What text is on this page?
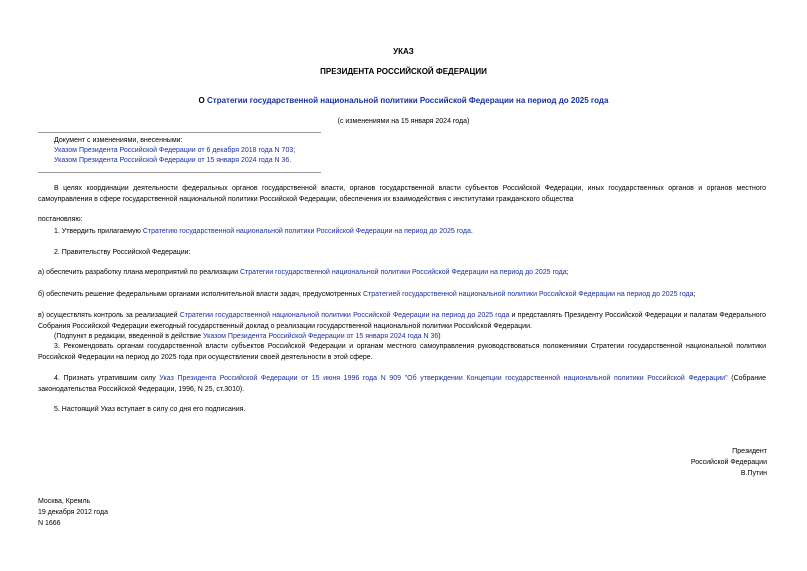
УКАЗ
ПРЕЗИДЕНТА РОССИЙСКОЙ ФЕДЕРАЦИИ
О Стратегии государственной национальной политики Российской Федерации на период до 2025 года
(с изменениями на 15 января 2024 года)
Документ с изменениями, внесенными:
Указом Президента Российской Федерации от 6 декабря 2018 года N 703;
Указом Президента Российской Федерации от 15 января 2024 года N 36.
В целях координации деятельности федеральных органов государственной власти, органов государственной власти субъектов Российской Федерации, иных государственных органов и органов местного самоуправления в сфере государственной национальной политики Российской Федерации, обеспечения их взаимодействия с институтами гражданского общества
постановляю:
1. Утвердить прилагаемую Стратегию государственной национальной политики Российской Федерации на период до 2025 года.
2. Правительству Российской Федерации:
а) обеспечить разработку плана мероприятий по реализации Стратегии государственной национальной политики Российской Федерации на период до 2025 года;
б) обеспечить решение федеральными органами исполнительной власти задач, предусмотренных Стратегией государственной национальной политики Российской Федерации на период до 2025 года;
в) осуществлять контроль за реализацией Стратегии государственной национальной политики Российской Федерации на период до 2025 года и представлять Президенту Российской Федерации и палатам Федерального Собрания Российской Федерации ежегодный государственный доклад о реализации государственной национальной политики Российской Федерации.
(Подпункт в редакции, введенной в действие Указом Президента Российской Федерации от 15 января 2024 года N 36)
3. Рекомендовать органам государственной власти субъектов Российской Федерации и органам местного самоуправления руководствоваться положениями Стратегии государственной национальной политики Российской Федерации на период до 2025 года при осуществлении своей деятельности в этой сфере.
4. Признать утратившим силу Указ Президента Российской Федерации от 15 июня 1996 года N 909 "Об утверждении Концепции государственной национальной политики Российской Федерации" (Собрание законодательства Российской Федерации, 1996, N 25, ст.3010).
5. Настоящий Указ вступает в силу со дня его подписания.
Президент
Российской Федерации
В.Путин
Москва, Кремль
19 декабря 2012 года
N 1666
